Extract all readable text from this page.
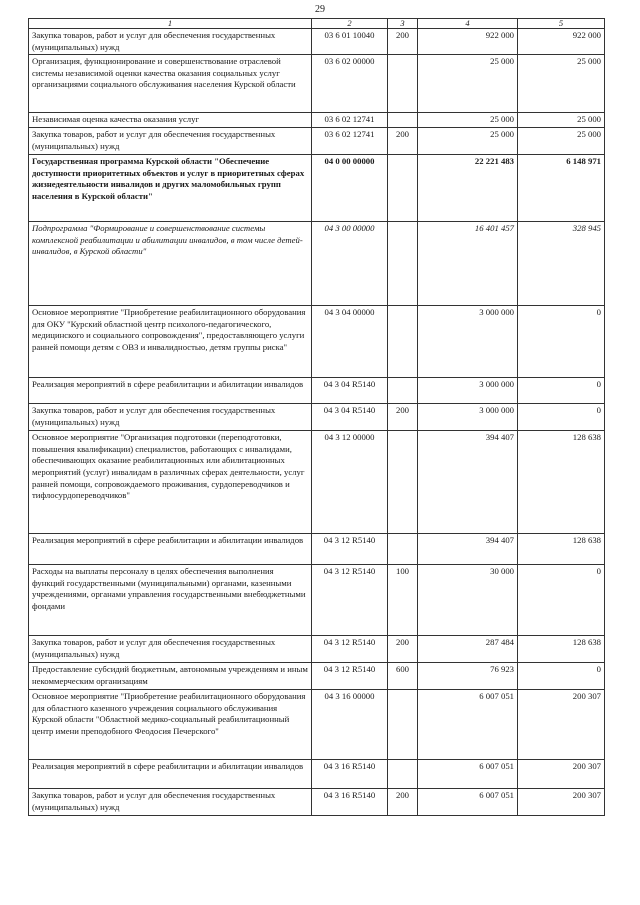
29
1	2	3	4	5
Закупка товаров, работ и услуг для обеспечения государственных (муниципальных) нужд	03 6 01 10040	200	922 000	922 000
Организация, функционирование и совершенствование отраслевой системы независимой оценки качества оказания социальных услуг организациями социального обслуживания населения Курской области	03 6 02 00000		25 000	25 000
Независимая оценка качества оказания услуг	03 6 02 12741		25 000	25 000
Закупка товаров, работ и услуг для обеспечения государственных (муниципальных) нужд	03 6 02 12741	200	25 000	25 000
Государственная программа Курской области "Обеспечение доступности приоритетных объектов и услуг в приоритетных сферах жизнедеятельности инвалидов и других маломобильных групп населения в Курской области"	04 0 00 00000		22 221 483	6 148 971
Подпрограмма "Формирование и совершенствование системы комплексной реабилитации и абилитации инвалидов, в том числе детей-инвалидов, в Курской области"	04 3 00 00000		16 401 457	328 945
Основное мероприятие "Приобретение реабилитационного оборудования для ОКУ "Курский областной центр психолого-педагогического, медицинского и социального сопровождения", предоставляющего услуги ранней помощи детям с ОВЗ и инвалидностью, детям группы риска"	04 3 04 00000		3 000 000	0
Реализация мероприятий в сфере реабилитации и абилитации инвалидов	04 3 04 R5140		3 000 000	0
Закупка товаров, работ и услуг для обеспечения государственных (муниципальных) нужд	04 3 04 R5140	200	3 000 000	0
Основное мероприятие "Организация подготовки (переподготовки, повышения квалификации) специалистов, работающих с инвалидами, обеспечивающих оказание реабилитационных или абилитационных мероприятий (услуг) инвалидам в различных сферах деятельности, услуг ранней помощи, сопровождаемого проживания, сурдопереводчиков и тифлосурдопереводчиков"	04 3 12 00000		394 407	128 638
Реализация мероприятий в сфере реабилитации и абилитации инвалидов	04 3 12 R5140		394 407	128 638
Расходы на выплаты персоналу в целях обеспечения выполнения функций государственными (муниципальными) органами, казенными учреждениями, органами управления государственными внебюджетными фондами	04 3 12 R5140	100	30 000	0
Закупка товаров, работ и услуг для обеспечения государственных (муниципальных) нужд	04 3 12 R5140	200	287 484	128 638
Предоставление субсидий бюджетным, автономным учреждениям и иным некоммерческим организациям	04 3 12 R5140	600	76 923	0
Основное мероприятие "Приобретение реабилитационного оборудования для областного казенного учреждения социального обслуживания Курской области "Областной медико-социальный реабилитационный центр имени преподобного Феодосия Печерского"	04 3 16 00000		6 007 051	200 307
Реализация мероприятий в сфере реабилитации и абилитации инвалидов	04 3 16 R5140		6 007 051	200 307
Закупка товаров, работ и услуг для обеспечения государственных (муниципальных) нужд	04 3 16 R5140	200	6 007 051	200 307
